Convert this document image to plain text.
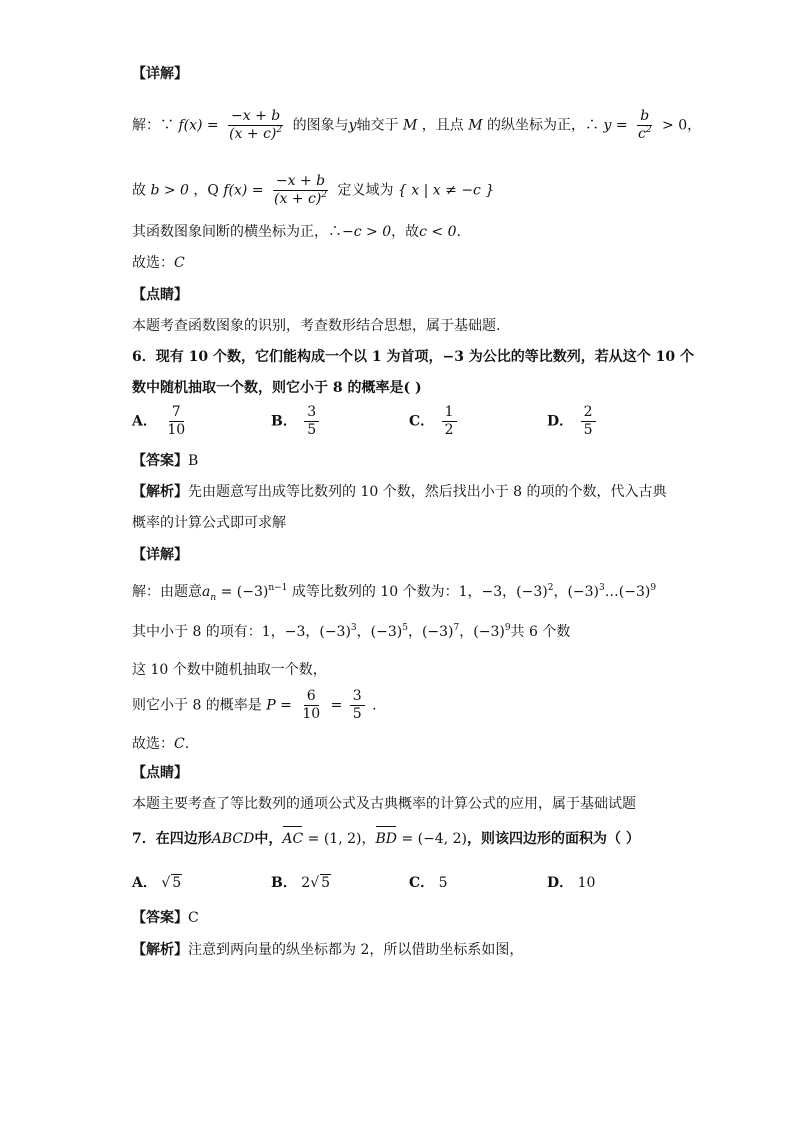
【详解】
解：∵ $f(x) = \frac{-x + b}{(x + c)^2}$ 的图象与y轴交于 M ，且点 M 的纵坐标为正，∴ $y = \frac{b}{c^2} > 0$，
故 b > 0 ，Q $f(x) = \frac{-x + b}{(x + c)^2}$ 定义域为 { x | x ≠ −c }
其函数图象间断的横坐标为正，∴−c > 0，故c < 0.
故选：C
【点睛】
本题考查函数图象的识别，考查数形结合思想，属于基础题.
6．现有 10 个数，它们能构成一个以 1 为首项，−3 为公比的等比数列，若从这个 10 个
数中随机抽取一个数，则它小于 8 的概率是( )
A． $\frac{7}{10}$	B． $\frac{3}{5}$	C． $\frac{1}{2}$	D． $\frac{2}{5}$
【答案】B
【解析】先由题意写出成等比数列的 10 个数，然后找出小于 8 的项的个数，代入古典
概率的计算公式即可求解
【详解】
解：由题意$a_n = (-3)^{n-1}$ 成等比数列的 10 个数为：1，−3，$(-3)^2$，$(-3)^3\dots(-3)^9$
其中小于 8 的项有：1，−3，$(-3)^3$，$(-3)^5$，$(-3)^7$，$(-3)^9$共 6 个数
这 10 个数中随机抽取一个数，
则它小于 8 的概率是 $P = \frac{6}{10} = \frac{3}{5}$ .
故选：C.
【点睛】
本题主要考查了等比数列的通项公式及古典概率的计算公式的应用，属于基础试题
7．在四边形ABCD中，AC = (1, 2)，BD = (−4, 2)，则该四边形的面积为（ ）
A． √ 5	B． 2√ 5	C． 5	D． 10
【答案】C
【解析】注意到两向量的纵坐标都为 2，所以借助坐标系如图，
